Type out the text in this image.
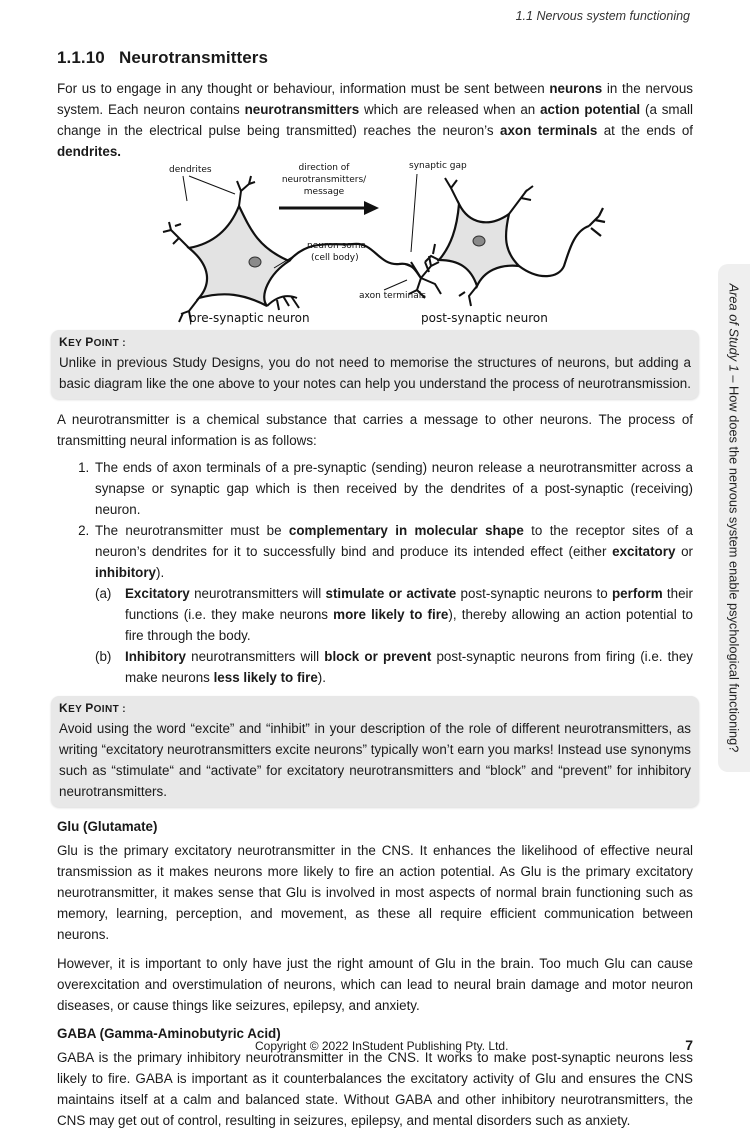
1.1 Nervous system functioning
1.1.10 Neurotransmitters

For us to engage in any thought or behaviour, information must be sent between neurons in the nervous system. Each neuron contains neurotransmitters which are released when an action potential (a small change in the electrical pulse being transmitted) reaches the neuron’s axon terminals at the ends of dendrites.

dendrites	direction of
neurotransmitters/
message
synaptic gap
neuron soma
(cell body)
axon terminals
pre-synaptic neuron	post-synaptic neuron
KEY POINT :

Unlike in previous Study Designs, you do not need to memorise the structures of neurons, but adding a basic diagram like the one above to your notes can help you understand the process of neurotransmission.

A neurotransmitter is a chemical substance that carries a message to other neurons. The process of transmitting neural information is as follows:

1. The ends of axon terminals of a pre-synaptic (sending) neuron release a neurotransmitter across a synapse or synaptic gap which is then received by the dendrites of a post-synaptic (receiving) neuron.
2. The neurotransmitter must be complementary in molecular shape to the receptor sites of a neuron’s dendrites for it to successfully bind and produce its intended effect (either excitatory or inhibitory).
(a) Excitatory neurotransmitters will stimulate or activate post-synaptic neurons to perform their functions (i.e. they make neurons more likely to fire), thereby allowing an action potential to fire through the body.
(b) Inhibitory neurotransmitters will block or prevent post-synaptic neurons from firing (i.e. they make neurons less likely to fire).
KEY POINT :

Avoid using the word “excite” and “inhibit” in your description of the role of different neurotransmitters, as writing “excitatory neurotransmitters excite neurons” typically won’t earn you marks! Instead use synonyms such as “stimulate“ and “activate” for excitatory neurotransmitters and “block” and “prevent” for inhibitory neurotransmitters.

Glu (Glutamate)

Glu is the primary excitatory neurotransmitter in the CNS. It enhances the likelihood of effective neural transmission as it makes neurons more likely to fire an action potential. As Glu is the primary excitatory neurotransmitter, it makes sense that Glu is involved in most aspects of normal brain functioning such as memory, learning, perception, and movement, as these all require efficient communication between neurons.

However, it is important to only have just the right amount of Glu in the brain. Too much Glu can cause overexcitation and overstimulation of neurons, which can lead to neural brain damage and motor neuron diseases, or cause things like seizures, epilepsy, and anxiety.

GABA (Gamma-Aminobutyric Acid)

GABA is the primary inhibitory neurotransmitter in the CNS. It works to make post-synaptic neurons less likely to fire. GABA is important as it counterbalances the excitatory activity of Glu and ensures the CNS maintains itself at a calm and balanced state. Without GABA and other inhibitory neurotransmitters, the CNS may get out of control, resulting in seizures, epilepsy, and mental disorders such as anxiety.

Area of Study 1 – How does the nervous system enable psychological functioning?
Copyright © 2022 InStudent Publishing Pty. Ltd.	7
